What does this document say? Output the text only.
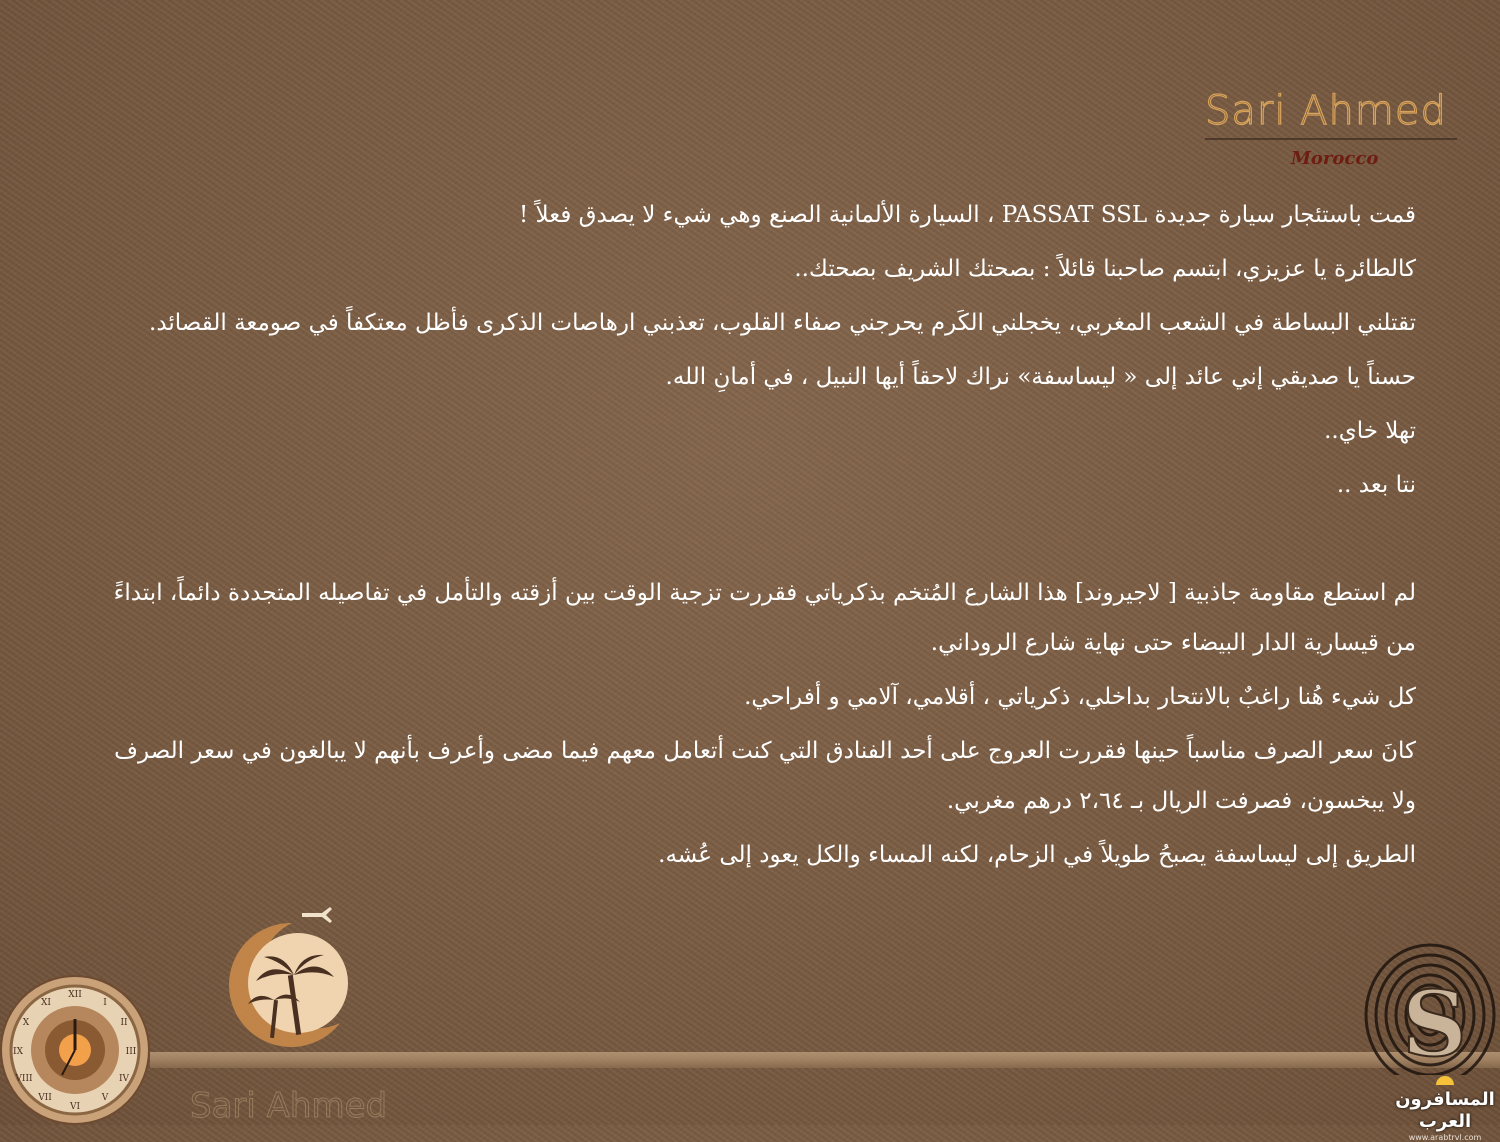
Sari Ahmed
Morocco

قمت باستئجار سيارة جديدة PASSAT SSL ، السيارة الألمانية الصنع وهي شيء لا يصدق فعلاً !

كالطائرة يا عزيزي، ابتسم صاحبنا قائلاً : بصحتك الشريف بصحتك..

تقتلني البساطة في الشعب المغربي، يخجلني الكَرم يحرجني صفاء القلوب، تعذبني ارهاصات الذكرى فأظل معتكفاً في صومعة القصائد.

حسناً يا صديقي إني عائد إلى « ليساسفة» نراك لاحقاً أيها النبيل ، في أمانِ الله.

تهلا خاي..

نتا بعد ..

لم استطع مقاومة جاذبية [ لاجيروند] هذا الشارع المُتخم بذكرياتي فقررت تزجية الوقت بين أزقته والتأمل في تفاصيله المتجددة دائماً، ابتداءً من قيسارية الدار البيضاء حتى نهاية شارع الروداني.

كل شيء هُنا راغبٌ بالانتحار بداخلي، ذكرياتي ، أقلامي، آلامي و أفراحي.

كانَ سعر الصرف مناسباً حينها فقررت العروج على أحد الفنادق التي كنت أتعامل معهم فيما مضى وأعرف بأنهم لا يبالغون في سعر الصرف ولا يبخسون، فصرفت الريال بـ ٢،٦٤ درهم مغربي.

الطريق إلى ليساسفة يصبحُ طويلاً في الزحام، لكنه المساء والكل يعود إلى عُشه.

Sari Ahmed
XII
I
II
III
IV
V
VI
VII
VIII
IX
X
XI	S
المسافرون العرب
www.arabtrvl.com
